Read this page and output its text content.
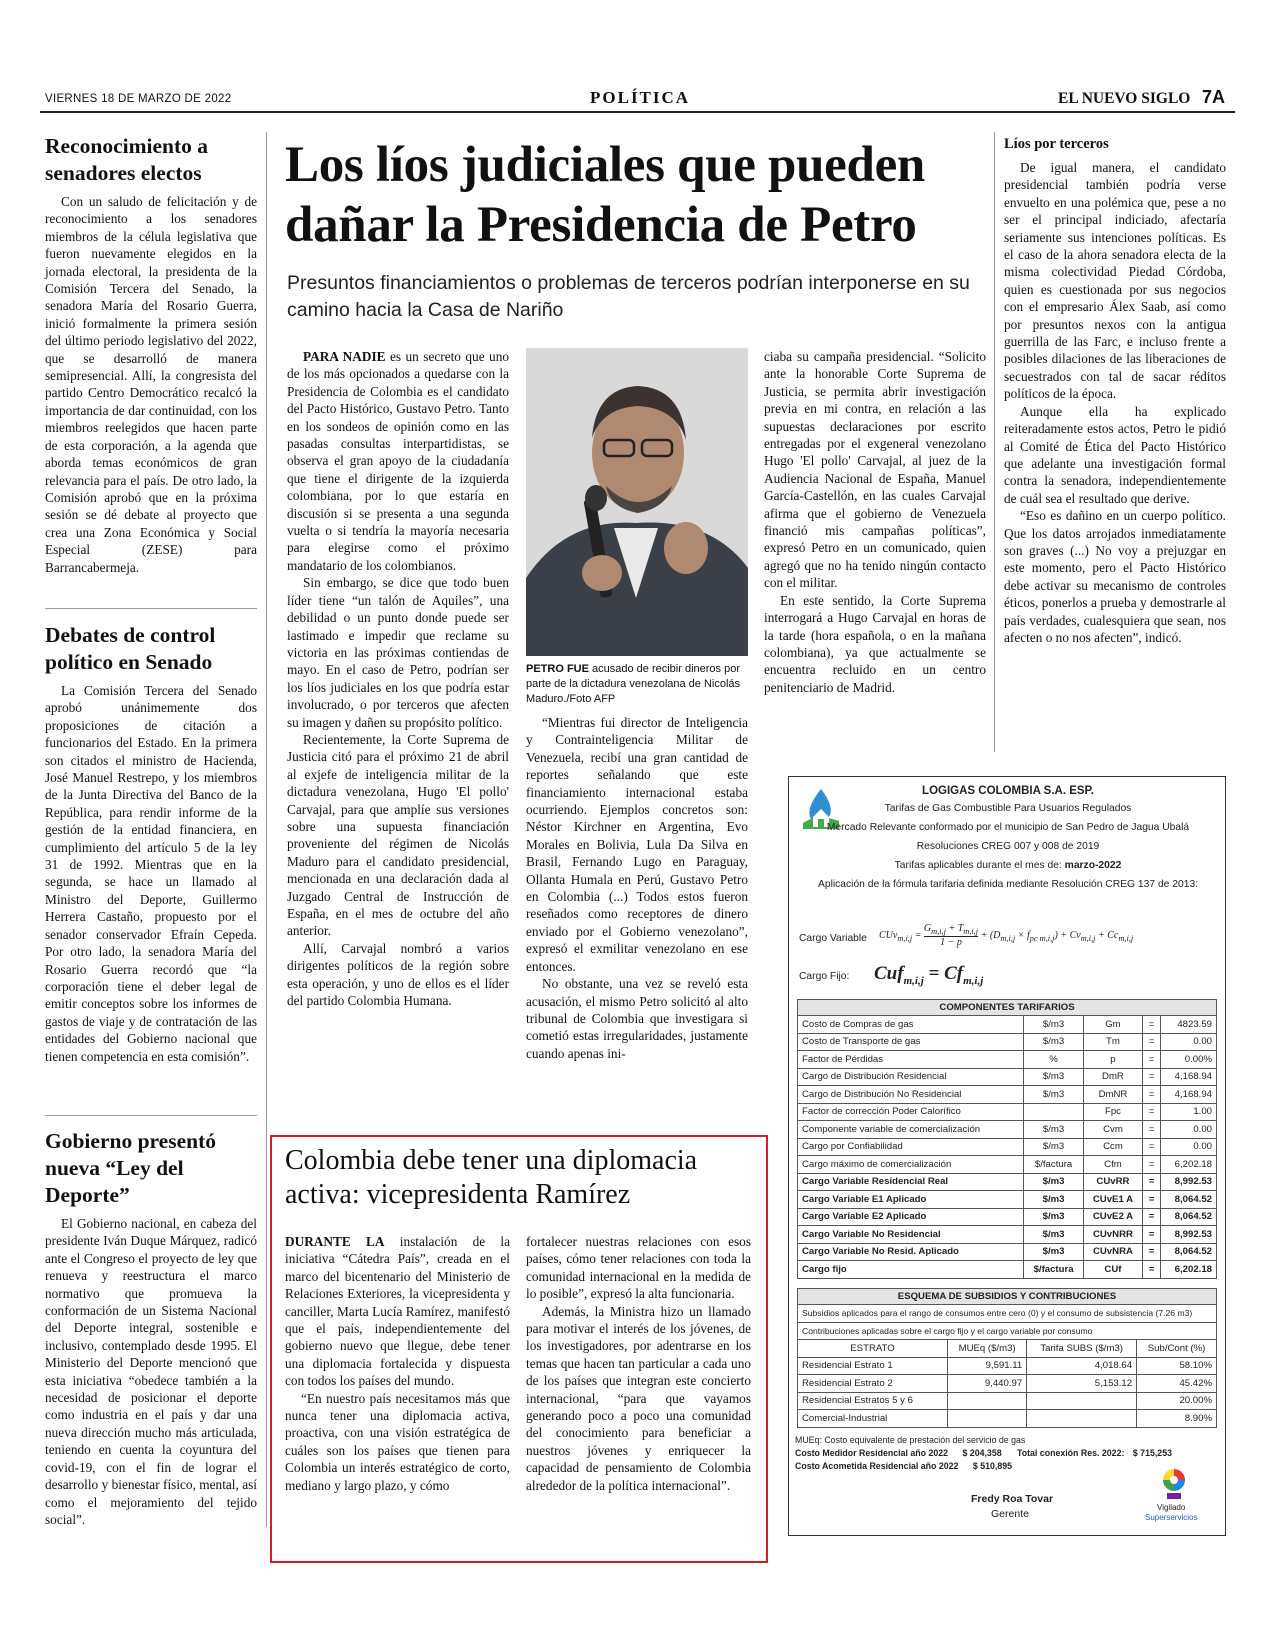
VIERNES 18 DE MARZO DE 2022	POLÍTICA	EL NUEVO SIGLO 7A
Reconocimiento a senadores electos

Con un saludo de felicitación y de reconocimiento a los senadores miembros de la célula legislativa que fueron nuevamente elegidos en la jornada electoral, la presidenta de la Comisión Tercera del Senado, la senadora María del Rosario Guerra, inició formalmente la primera sesión del último periodo legislativo del 2022, que se desarrolló de manera semipresencial. Allí, la congresista del partido Centro Democrático recalcó la importancia de dar continuidad, con los miembros reelegidos que hacen parte de esta corporación, a la agenda que aborda temas económicos de gran relevancia para el país. De otro lado, la Comisión aprobó que en la próxima sesión se dé debate al proyecto que crea una Zona Económica y Social Especial (ZESE) para Barrancabermeja.

Debates de control político en Senado

La Comisión Tercera del Senado aprobó unánimemente dos proposiciones de citación a funcionarios del Estado. En la primera son citados el ministro de Hacienda, José Manuel Restrepo, y los miembros de la Junta Directiva del Banco de la República, para rendir informe de la gestión de la entidad financiera, en cumplimiento del artículo 5 de la ley 31 de 1992. Mientras que en la segunda, se hace un llamado al Ministro del Deporte, Guillermo Herrera Castaño, propuesto por el senador conservador Efraín Cepeda. Por otro lado, la senadora María del Rosario Guerra recordó que “la corporación tiene el deber legal de emitir conceptos sobre los informes de gastos de viaje y de contratación de las entidades del Gobierno nacional que tienen competencia en esta comisión”.

Gobierno presentó nueva “Ley del Deporte”

El Gobierno nacional, en cabeza del presidente Iván Duque Márquez, radicó ante el Congreso el proyecto de ley que renueva y reestructura el marco normativo que promueva la conformación de un Sistema Nacional del Deporte integral, sostenible e inclusivo, contemplado desde 1995. El Ministerio del Deporte mencionó que esta iniciativa “obedece también a la necesidad de posicionar el deporte como industria en el país y dar una nueva dirección mucho más articulada, teniendo en cuenta la coyuntura del covid-19, con el fin de lograr el desarrollo y bienestar físico, mental, así como el mejoramiento del tejido social”.

Los líos judiciales que pueden dañar la Presidencia de Petro
Presuntos financiamientos o problemas de terceros podrían interponerse en su camino hacia la Casa de Nariño

PARA NADIE es un secreto que uno de los más opcionados a quedarse con la Presidencia de Colombia es el candidato del Pacto Histórico, Gustavo Petro. Tanto en los sondeos de opinión como en las pasadas consultas interpartidistas, se observa el gran apoyo de la ciudadanía que tiene el dirigente de la izquierda colombiana, por lo que estaría en discusión si se presenta a una segunda vuelta o si tendría la mayoría necesaria para elegirse como el próximo mandatario de los colombianos.

Sin embargo, se dice que todo buen líder tiene “un talón de Aquiles”, una debilidad o un punto donde puede ser lastimado e impedir que reclame su victoria en las próximas contiendas de mayo. En el caso de Petro, podrían ser los líos judiciales en los que podría estar involucrado, o por terceros que afecten su imagen y dañen su propósito político.

Recientemente, la Corte Suprema de Justicia citó para el próximo 21 de abril al exjefe de inteligencia militar de la dictadura venezolana, Hugo 'El pollo' Carvajal, para que amplíe sus versiones sobre una supuesta financiación proveniente del régimen de Nicolás Maduro para el candidato presidencial, mencionada en una declaración dada al Juzgado Central de Instrucción de España, en el mes de octubre del año anterior.

Allí, Carvajal nombró a varios dirigentes políticos de la región sobre esta operación, y uno de ellos es el líder del partido Colombia Humana.

PETRO FUE acusado de recibir dineros por parte de la dictadura venezolana de Nicolás Maduro./Foto AFP

“Mientras fui director de Inteligencia y Contrainteligencia Militar de Venezuela, recibí una gran cantidad de reportes señalando que este financiamiento internacional estaba ocurriendo. Ejemplos concretos son: Néstor Kirchner en Argentina, Evo Morales en Bolivia, Lula Da Silva en Brasil, Fernando Lugo en Paraguay, Ollanta Humala en Perú, Gustavo Petro en Colombia (...) Todos estos fueron reseñados como receptores de dinero enviado por el Gobierno venezolano”, expresó el exmilitar venezolano en ese entonces.

No obstante, una vez se reveló esta acusación, el mismo Petro solicitó al alto tribunal de Colombia que investigara si cometió estas irregularidades, justamente cuando apenas ini-

ciaba su campaña presidencial. “Solicito ante la honorable Corte Suprema de Justicia, se permita abrir investigación previa en mi contra, en relación a las supuestas declaraciones por escrito entregadas por el exgeneral venezolano Hugo 'El pollo' Carvajal, al juez de la Audiencia Nacional de España, Manuel García-Castellón, en las cuales Carvajal afirma que el gobierno de Venezuela financió mis campañas políticas”, expresó Petro en un comunicado, quien agregó que no ha tenido ningún contacto con el militar.

En este sentido, la Corte Suprema interrogará a Hugo Carvajal en horas de la tarde (hora española, o en la mañana colombiana), ya que actualmente se encuentra recluido en un centro penitenciario de Madrid.

Líos por terceros

De igual manera, el candidato presidencial también podría verse envuelto en una polémica que, pese a no ser el principal indiciado, afectaría seriamente sus intenciones políticas. Es el caso de la ahora senadora electa de la misma colectividad Piedad Córdoba, quien es cuestionada por sus negocios con el empresario Álex Saab, así como por presuntos nexos con la antigua guerrilla de las Farc, e incluso frente a posibles dilaciones de las liberaciones de secuestrados con tal de sacar réditos políticos de la época.

Aunque ella ha explicado reiteradamente estos actos, Petro le pidió al Comité de Ética del Pacto Histórico que adelante una investigación formal contra la senadora, independientemente de cuál sea el resultado que derive.

“Eso es dañino en un cuerpo político. Que los datos arrojados inmediatamente son graves (...) No voy a prejuzgar en este momento, pero el Pacto Histórico debe activar su mecanismo de controles éticos, ponerlos a prueba y demostrarle al país verdades, cualesquiera que sean, nos afecten o no nos afecten”, indicó.

Colombia debe tener una diplomacia activa: vicepresidenta Ramírez

DURANTE LA instalación de la iniciativa “Cátedra País”, creada en el marco del bicentenario del Ministerio de Relaciones Exteriores, la vicepresidenta y canciller, Marta Lucía Ramírez, manifestó que el país, independientemente del gobierno nuevo que llegue, debe tener una diplomacia fortalecida y dispuesta con todos los países del mundo.

“En nuestro país necesitamos más que nunca tener una diplomacia activa, proactiva, con una visión estratégica de cuáles son los países que tienen para Colombia un interés estratégico de corto, mediano y largo plazo, y cómo

fortalecer nuestras relaciones con esos países, cómo tener relaciones con toda la comunidad internacional en la medida de lo posible”, expresó la alta funcionaria.

Además, la Ministra hizo un llamado para motivar el interés de los jóvenes, de los investigadores, por adentrarse en los temas que hacen tan particular a cada uno de los países que integran este concierto internacional, “para que vayamos generando poco a poco una comunidad del conocimiento para beneficiar a nuestros jóvenes y enriquecer la capacidad de pensamiento de Colombia alrededor de la política internacional”.

LOGIGAS COLOMBIA S.A. ESP.
Tarifas de Gas Combustible Para Usuarios Regulados
Mercado Relevante conformado por el municipio de San Pedro de Jagua Ubalá
Resoluciones CREG 007 y 008 de 2019
Tarifas aplicables durante el mes de: marzo-2022
Aplicación de la fórmula tarifaria definida mediante Resolución CREG 137 de 2013:
Cargo Variable $CUv_{m,i,j} = \frac{G_{m,i,j} + T_{m,i,j}}{1 - p} + (D_{m,i,j} \times f_{pc m,i,j}) + Cv_{m,i,j} + Cc_{m,i,j}$
Cargo Fijo: $Cuf_{m,i,j} = Cf_{m,i,j}$
COMPONENTES TARIFARIOS				
Costo de Compras de gas	$/m3	Gm	=	4823.59
Costo de Transporte de gas	$/m3	Tm	=	0.00
Factor de Pérdidas	%	p	=	0.00%
Cargo de Distribución Residencial	$/m3	DmR	=	4,168.94
Cargo de Distribución No Residencial	$/m3	DmNR	=	4,168.94
Factor de corrección Poder Calorífico		Fpc	=	1.00
Componente variable de comercialización	$/m3	Cvm	=	0.00
Cargo por Confiabilidad	$/m3	Ccm	=	0.00
Cargo máximo de comercialización	$/factura	Cfm	=	6,202.18
Cargo Variable Residencial Real	$/m3	CUvRR	=	8,992.53
Cargo Variable E1 Aplicado	$/m3	CUvE1 A	=	8,064.52
Cargo Variable E2 Aplicado	$/m3	CUvE2 A	=	8,064.52
Cargo Variable No Residencial	$/m3	CUvNRR	=	8,992.53
Cargo Variable No Resid. Aplicado	$/m3	CUvNRA	=	8,064.52
Cargo fijo	$/factura	CUf	=	6,202.18
ESQUEMA DE SUBSIDIOS Y CONTRIBUCIONES			
Subsidios aplicados para el rango de consumos entre cero (0) y el consumo de subsistencia (7.26 m3)			
Contribuciones aplicadas sobre el cargo fijo y el cargo variable por consumo			
ESTRATO	MUEq ($/m3)	Tarifa SUBS ($/m3)	Sub/Cont (%)
Residencial Estrato 1	9,591.11	4,018.64	58.10%
Residencial Estrato 2	9,440.97	5,153.12	45.42%
Residencial Estratos 5 y 6			20.00%
Comercial-Industrial			8.90%
MUEq: Costo equivalente de prestación del servicio de gas
Costo Medidor Residencial año 2022 $ 204,358 Total conexión Res. 2022: $ 715,253
Costo Acometida Residencial año 2022 $ 510,895
Fredy Roa Tovar
Gerente
Vigilado
Superservicios
